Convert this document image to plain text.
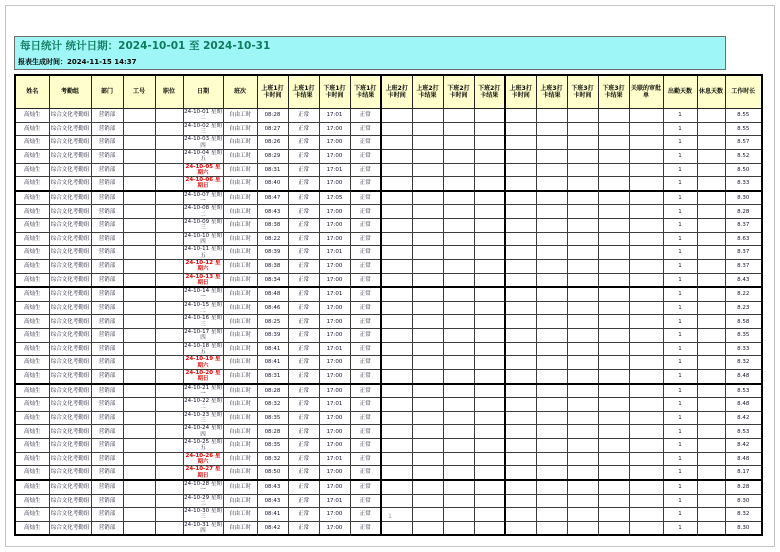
每日统计 统计日期：2024-10-01 至 2024-10-31
报表生成时间：2024-11-15 14:37
姓名	考勤组	部门	工号	职位	日期	班次	上班1打卡时间	上班1打卡结果	下班1打卡时间	下班1打卡结果	上班2打卡时间	上班2打卡结果	下班2打卡时间	下班2打卡结果	上班3打卡时间	上班3打卡结果	下班3打卡时间	下班3打卡结果	关联的审批单	出勤天数	休息天数	工作时长
高灿生	综合文化考勤组	营销部			24-10-01 星期二	自由工时	08:28	正常	17:01	正常										1		8.55
高灿生	综合文化考勤组	营销部			24-10-02 星期三	自由工时	08:27	正常	17:00	正常										1		8.55
高灿生	综合文化考勤组	营销部			24-10-03 星期四	自由工时	08:26	正常	17:00	正常										1		8.57
高灿生	综合文化考勤组	营销部			24-10-04 星期五	自由工时	08:29	正常	17:00	正常										1		8.52
高灿生	综合文化考勤组	营销部			24-10-05 星期六	自由工时	08:31	正常	17:01	正常										1		8.50
高灿生	综合文化考勤组	营销部			24-10-06 星期日	自由工时	08:40	正常	17:00	正常										1		8.33
高灿生	综合文化考勤组	营销部			24-10-07 星期一	自由工时	08:47	正常	17:05	正常										1		8.30
高灿生	综合文化考勤组	营销部			24-10-08 星期二	自由工时	08:43	正常	17:00	正常										1		8.28
高灿生	综合文化考勤组	营销部			24-10-09 星期三	自由工时	08:38	正常	17:00	正常										1		8.37
高灿生	综合文化考勤组	营销部			24-10-10 星期四	自由工时	08:22	正常	17:00	正常										1		8.63
高灿生	综合文化考勤组	营销部			24-10-11 星期五	自由工时	08:39	正常	17:01	正常										1		8.37
高灿生	综合文化考勤组	营销部			24-10-12 星期六	自由工时	08:38	正常	17:00	正常										1		8.37
高灿生	综合文化考勤组	营销部			24-10-13 星期日	自由工时	08:34	正常	17:00	正常										1		8.43
高灿生	综合文化考勤组	营销部			24-10-14 星期一	自由工时	08:48	正常	17:01	正常										1		8.22
高灿生	综合文化考勤组	营销部			24-10-15 星期二	自由工时	08:46	正常	17:00	正常										1		8.23
高灿生	综合文化考勤组	营销部			24-10-16 星期三	自由工时	08:25	正常	17:00	正常										1		8.58
高灿生	综合文化考勤组	营销部			24-10-17 星期四	自由工时	08:39	正常	17:00	正常										1		8.35
高灿生	综合文化考勤组	营销部			24-10-18 星期五	自由工时	08:41	正常	17:01	正常										1		8.33
高灿生	综合文化考勤组	营销部			24-10-19 星期六	自由工时	08:41	正常	17:00	正常										1		8.32
高灿生	综合文化考勤组	营销部			24-10-20 星期日	自由工时	08:31	正常	17:00	正常										1		8.48
高灿生	综合文化考勤组	营销部			24-10-21 星期一	自由工时	08:28	正常	17:00	正常										1		8.53
高灿生	综合文化考勤组	营销部			24-10-22 星期二	自由工时	08:32	正常	17:01	正常										1		8.48
高灿生	综合文化考勤组	营销部			24-10-23 星期三	自由工时	08:35	正常	17:00	正常										1		8.42
高灿生	综合文化考勤组	营销部			24-10-24 星期四	自由工时	08:28	正常	17:00	正常										1		8.53
高灿生	综合文化考勤组	营销部			24-10-25 星期五	自由工时	08:35	正常	17:00	正常										1		8.42
高灿生	综合文化考勤组	营销部			24-10-26 星期六	自由工时	08:32	正常	17:01	正常										1		8.48
高灿生	综合文化考勤组	营销部			24-10-27 星期日	自由工时	08:50	正常	17:00	正常										1		8.17
高灿生	综合文化考勤组	营销部			24-10-28 星期一	自由工时	08:43	正常	17:00	正常										1		8.28
高灿生	综合文化考勤组	营销部			24-10-29 星期二	自由工时	08:43	正常	17:01	正常										1		8.30
高灿生	综合文化考勤组	营销部			24-10-30 星期三	自由工时	08:41	正常	17:00	正常										1		8.32
高灿生	综合文化考勤组	营销部			24-10-31 星期四	自由工时	08:42	正常	17:00	正常										1		8.30
1
